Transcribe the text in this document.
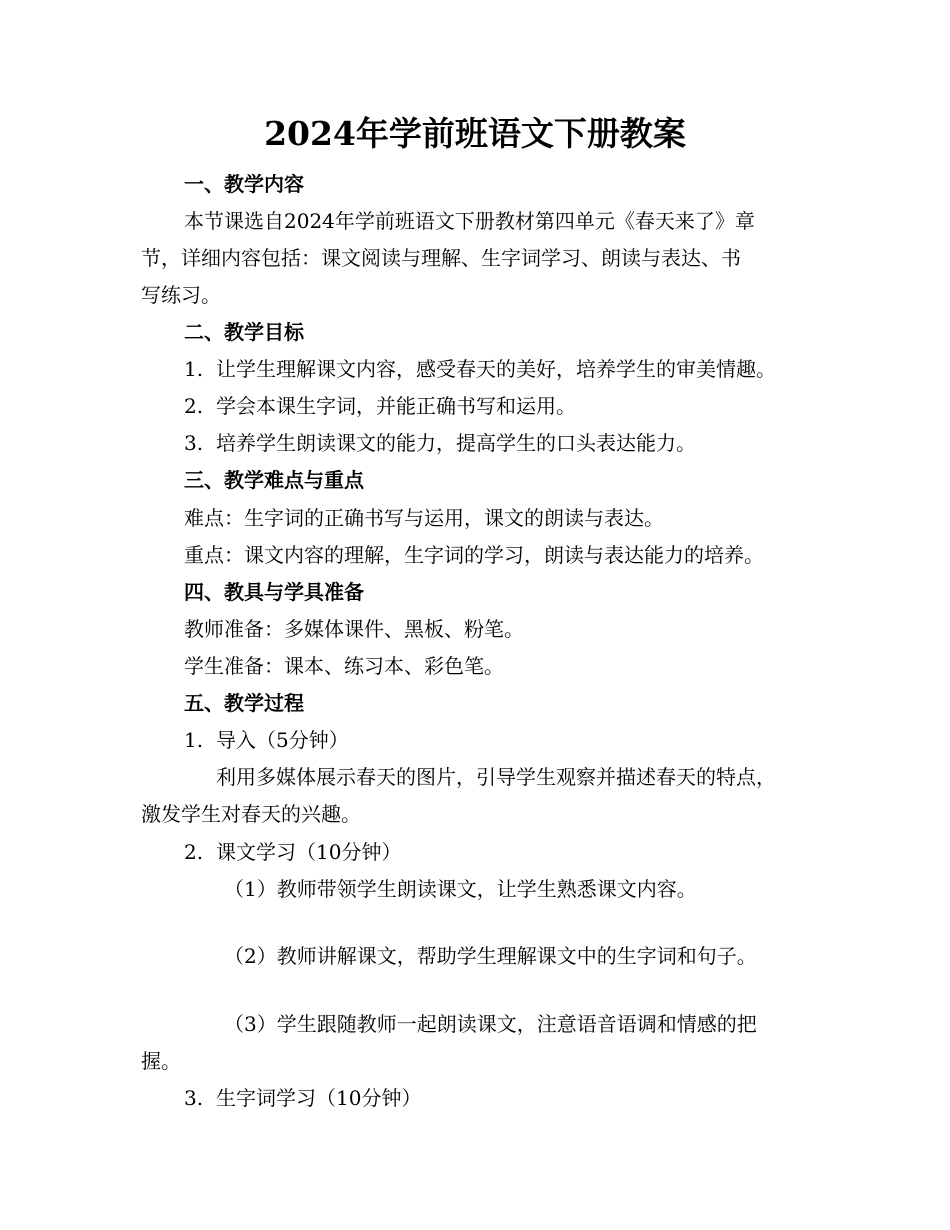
2024年学前班语文下册教案
一、教学内容
本节课选自2024年学前班语文下册教材第四单元《春天来了》章
节，详细内容包括：课文阅读与理解、生字词学习、朗读与表达、书
写练习。
二、教学目标
1. 让学生理解课文内容，感受春天的美好，培养学生的审美情趣。
2. 学会本课生字词，并能正确书写和运用。
3. 培养学生朗读课文的能力，提高学生的口头表达能力。
三、教学难点与重点
难点：生字词的正确书写与运用，课文的朗读与表达。
重点：课文内容的理解，生字词的学习，朗读与表达能力的培养。
四、教具与学具准备
教师准备：多媒体课件、黑板、粉笔。
学生准备：课本、练习本、彩色笔。
五、教学过程
1. 导入（5分钟）
利用多媒体展示春天的图片，引导学生观察并描述春天的特点，
激发学生对春天的兴趣。
2. 课文学习（10分钟）
（1）教师带领学生朗读课文，让学生熟悉课文内容。
（2）教师讲解课文，帮助学生理解课文中的生字词和句子。
（3）学生跟随教师一起朗读课文，注意语音语调和情感的把
握。
3. 生字词学习（10分钟）
